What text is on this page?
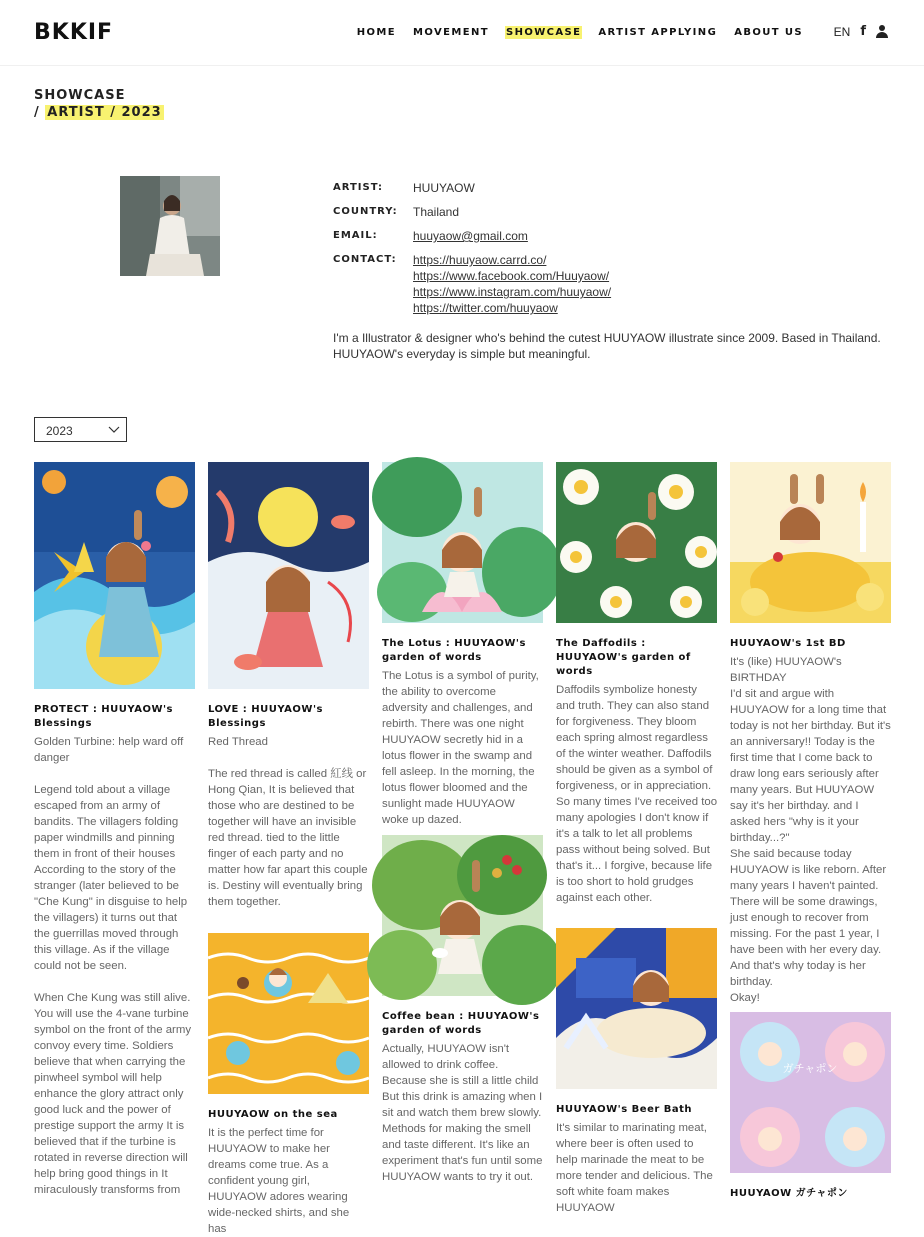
BKKIF	HOME MOVEMENT SHOWCASE ARTIST APPLYING ABOUT US	EN f
SHOWCASE
/ ARTIST / 2023
ARTIST:	HUUYAOW
COUNTRY:	Thailand
EMAIL:	huuyaow@gmail.com
CONTACT:	https://huuyaow.carrd.co/
https://www.facebook.com/Huuyaow/
https://www.instagram.com/huuyaow/
https://twitter.com/huuyaow
I'm a Illustrator & designer who's behind the cutest HUUYAOW illustrate since 2009. Based in Thailand. HUUYAOW's everyday is simple but meaningful.
2023
PROTECT : HUUYAOW's Blessings
Golden Turbine: help ward off danger

Legend told about a village escaped from an army of bandits. The villagers folding paper windmills and pinning them in front of their houses According to the story of the stranger (later believed to be "Che Kung" in disguise to help the villagers) it turns out that the guerrillas moved through this village. As if the village could not be seen.

When Che Kung was still alive. You will use the 4-vane turbine symbol on the front of the army convoy every time. Soldiers believe that when carrying the pinwheel symbol will help enhance the glory attract only good luck and the power of prestige support the army It is believed that if the turbine is rotated in reverse direction will help bring good things in It miraculously transforms from
LOVE : HUUYAOW's Blessings
Red Thread

The red thread is called 紅线 or Hong Qian, It is believed that those who are destined to be together will have an invisible red thread. tied to the little finger of each party and no matter how far apart this couple is. Destiny will eventually bring them together.
HUUYAOW on the sea
It is the perfect time for HUUYAOW to make her dreams come true. As a confident young girl, HUUYAOW adores wearing wide-necked shirts, and she has
The Lotus : HUUYAOW's garden of words
The Lotus is a symbol of purity, the ability to overcome adversity and challenges, and rebirth. There was one night HUUYAOW secretly hid in a lotus flower in the swamp and fell asleep. In the morning, the lotus flower bloomed and the sunlight made HUUYAOW woke up dazed.
Coffee bean : HUUYAOW's garden of words
Actually, HUUYAOW isn't allowed to drink coffee. Because she is still a little child But this drink is amazing when I sit and watch them brew slowly. Methods for making the smell and taste different. It's like an experiment that's fun until some HUUYAOW wants to try it out.
The Daffodils : HUUYAOW's garden of words
Daffodils symbolize honesty and truth. They can also stand for forgiveness. They bloom each spring almost regardless of the winter weather. Daffodils should be given as a symbol of forgiveness, or in appreciation. So many times I've received too many apologies I don't know if it's a talk to let all problems pass without being solved. But that's it... I forgive, because life is too short to hold grudges against each other.
HUUYAOW's Beer Bath
It's similar to marinating meat, where beer is often used to help marinade the meat to be more tender and delicious. The soft white foam makes HUUYAOW
HUUYAOW's 1st BD
It's (like) HUUYAOW's BIRTHDAY
I'd sit and argue with HUUYAOW for a long time that today is not her birthday. But it's an anniversary!! Today is the first time that I come back to draw long ears seriously after many years. But HUUYAOW say it's her birthday. and I asked hers "why is it your birthday...?"
She said because today HUUYAOW is like reborn. After many years I haven't painted. There will be some drawings, just enough to recover from missing. For the past 1 year, I have been with her every day. And that's why today is her birthday.
Okay!
ガチャポン
HUUYAOW ガチャポン
